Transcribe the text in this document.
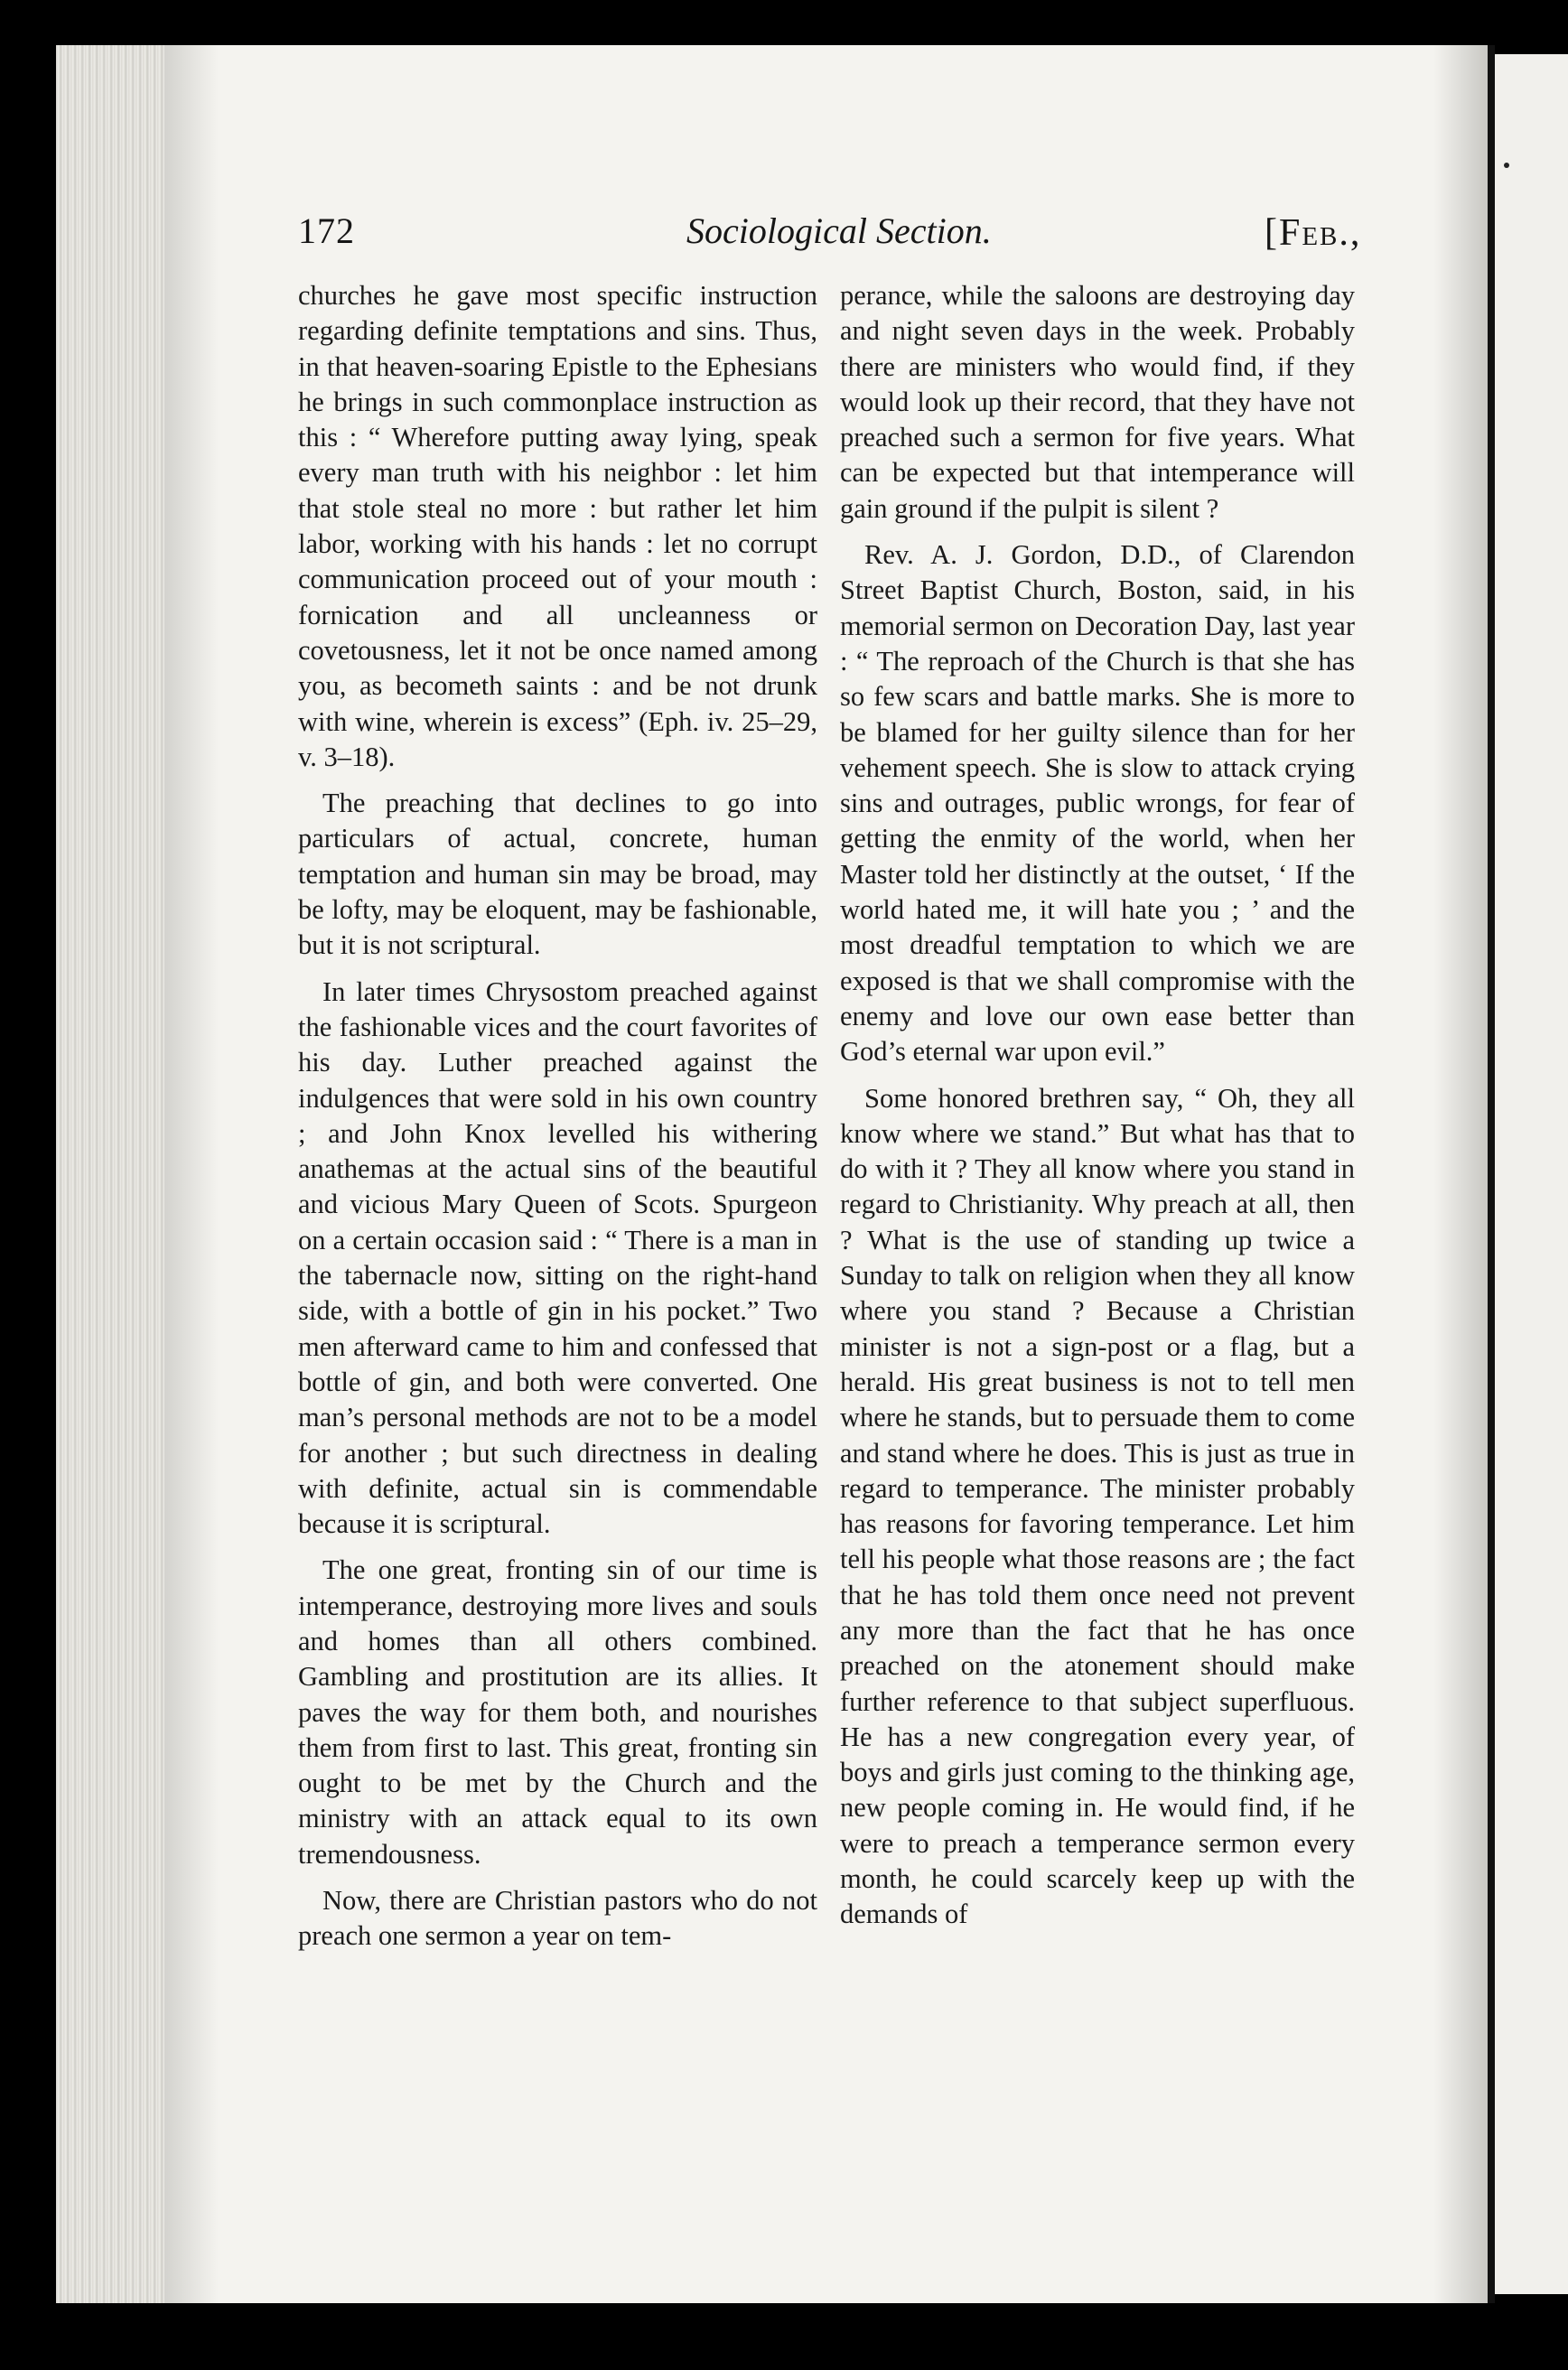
172	Sociological Section.	[Feb.,

churches he gave most specific instruction regarding definite temptations and sins. Thus, in that heaven-soaring Epistle to the Ephesians he brings in such commonplace instruction as this : “ Wherefore putting away lying, speak every man truth with his neighbor : let him that stole steal no more : but rather let him labor, working with his hands : let no corrupt communication proceed out of your mouth : fornication and all uncleanness or covetousness, let it not be once named among you, as becometh saints : and be not drunk with wine, wherein is excess” (Eph. iv. 25–29, v. 3–18).

The preaching that declines to go into particulars of actual, concrete, human temptation and human sin may be broad, may be lofty, may be eloquent, may be fashionable, but it is not scriptural.

In later times Chrysostom preached against the fashionable vices and the court favorites of his day. Luther preached against the indulgences that were sold in his own country ; and John Knox levelled his withering anathemas at the actual sins of the beautiful and vicious Mary Queen of Scots. Spurgeon on a certain occasion said : “ There is a man in the tabernacle now, sitting on the right-hand side, with a bottle of gin in his pocket.” Two men afterward came to him and confessed that bottle of gin, and both were converted. One man’s personal methods are not to be a model for another ; but such directness in dealing with definite, actual sin is commendable because it is scriptural.

The one great, fronting sin of our time is intemperance, destroying more lives and souls and homes than all others combined. Gambling and prostitution are its allies. It paves the way for them both, and nourishes them from first to last. This great, fronting sin ought to be met by the Church and the ministry with an attack equal to its own tremendousness.

Now, there are Christian pastors who do not preach one sermon a year on tem-

perance, while the saloons are destroying day and night seven days in the week. Probably there are ministers who would find, if they would look up their record, that they have not preached such a sermon for five years. What can be expected but that intemperance will gain ground if the pulpit is silent ?

Rev. A. J. Gordon, D.D., of Clarendon Street Baptist Church, Boston, said, in his memorial sermon on Decoration Day, last year : “ The reproach of the Church is that she has so few scars and battle marks. She is more to be blamed for her guilty silence than for her vehement speech. She is slow to attack crying sins and outrages, public wrongs, for fear of getting the enmity of the world, when her Master told her distinctly at the outset, ‘ If the world hated me, it will hate you ; ’ and the most dreadful temptation to which we are exposed is that we shall compromise with the enemy and love our own ease better than God’s eternal war upon evil.”

Some honored brethren say, “ Oh, they all know where we stand.” But what has that to do with it ? They all know where you stand in regard to Christianity. Why preach at all, then ? What is the use of standing up twice a Sunday to talk on religion when they all know where you stand ? Because a Christian minister is not a sign-post or a flag, but a herald. His great business is not to tell men where he stands, but to persuade them to come and stand where he does. This is just as true in regard to temperance. The minister probably has reasons for favoring temperance. Let him tell his people what those reasons are ; the fact that he has told them once need not prevent any more than the fact that he has once preached on the atonement should make further reference to that subject superfluous. He has a new congregation every year, of boys and girls just coming to the thinking age, new people coming in. He would find, if he were to preach a temperance sermon every month, he could scarcely keep up with the demands of
